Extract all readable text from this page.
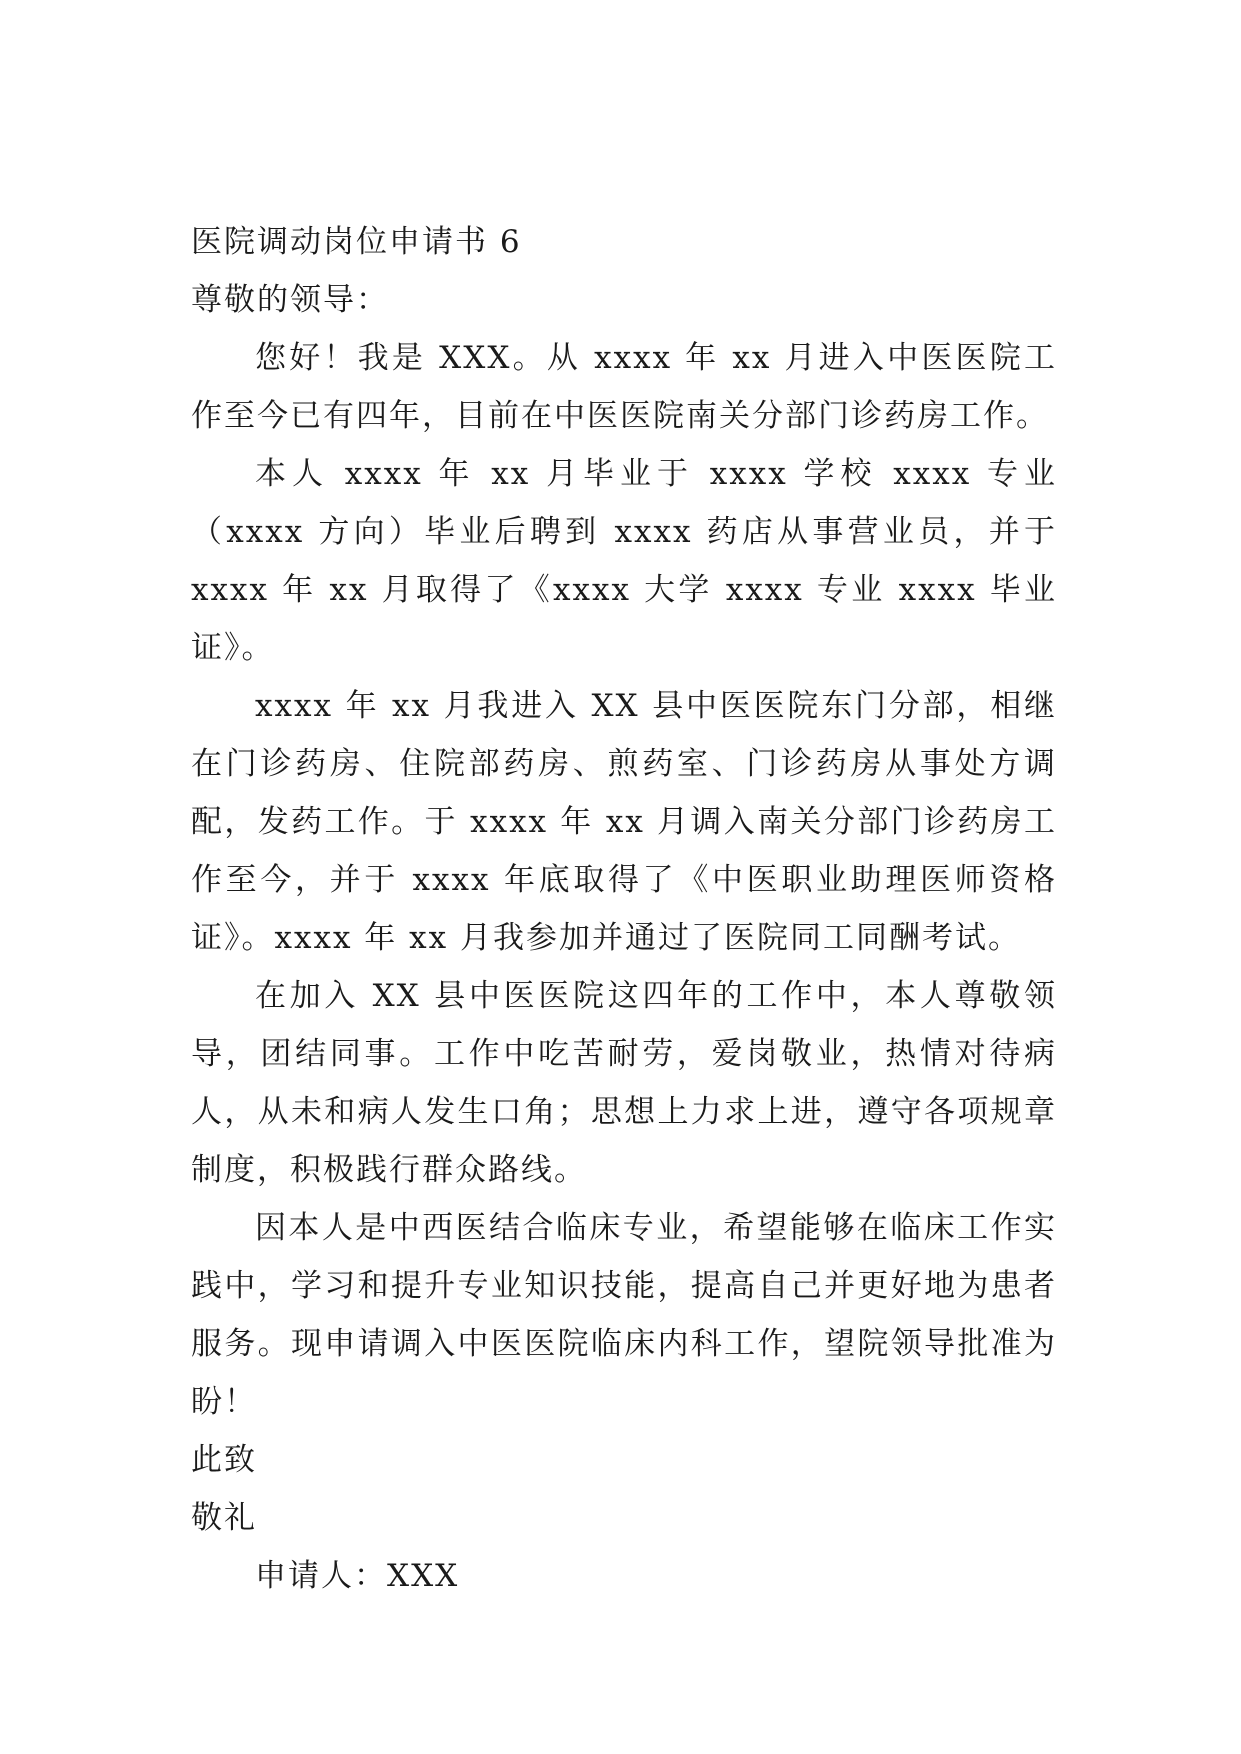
医院调动岗位申请书 6
尊敬的领导：
您好！我是 XXX。从 xxxx 年 xx 月进入中医医院工作至今已有四年，目前在中医医院南关分部门诊药房工作。
本人 xxxx 年 xx 月毕业于 xxxx 学校 xxxx 专业（xxxx 方向）毕业后聘到 xxxx 药店从事营业员，并于 xxxx 年 xx 月取得了《xxxx 大学 xxxx 专业 xxxx 毕业证》。
xxxx 年 xx 月我进入 XX 县中医医院东门分部，相继在门诊药房、住院部药房、煎药室、门诊药房从事处方调配，发药工作。于 xxxx 年 xx 月调入南关分部门诊药房工作至今，并于 xxxx 年底取得了《中医职业助理医师资格证》。xxxx 年 xx 月我参加并通过了医院同工同酬考试。
在加入 XX 县中医医院这四年的工作中，本人尊敬领导，团结同事。工作中吃苦耐劳，爱岗敬业，热情对待病人，从未和病人发生口角；思想上力求上进，遵守各项规章制度，积极践行群众路线。
因本人是中西医结合临床专业，希望能够在临床工作实践中，学习和提升专业知识技能，提高自己并更好地为患者服务。现申请调入中医医院临床内科工作，望院领导批准为盼！
此致
敬礼
申请人：XXX
